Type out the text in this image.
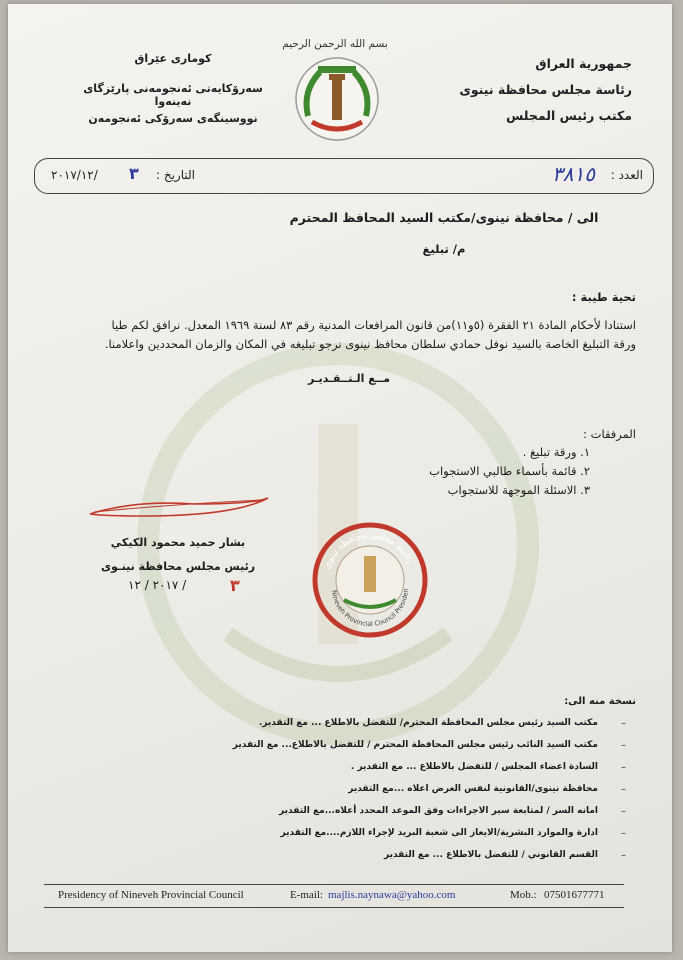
جمهورية العراق
رئاسة مجلس محافظة نينوى
مكتب رئيس المجلس
كوماری عێراق
سەرۆكایەتی ئەنجومەنی پارێزگای نەینەوا
نووسینگەی سەرۆكی ئەنجومەن
بسم الله الرحمن الرحيم
العدد :
٣٨١٥
التاريخ :
٣
٢٠١٧/١٢/
الى / محافظة نينوى/مكتب السيد المحافظ المحترم
م/ تبليغ
تحية طيبة :
استنادا لأحكام المادة ٢١ الفقرة (٥و١١)من قانون المرافعات المدنية رقم ٨٣ لسنة ١٩٦٩ المعدل. نرافق لكم طيا
ورقة التبليغ الخاصة بالسيد نوفل حمادي سلطان محافظ نينوى نرجو تبليغه في المكان والزمان المحددين واعلامنا.
مــع الـتــقـديـر
المرفقات :
١. ورقة تبليغ .
٢. قائمة بأسماء طالبي الاستجواب
٣. الاسئلة الموجهة للاستجواب
بشار حميد محمود الكيكي
رئيس مجلس محافظة نينـوى
٢٠١٧ / ١٢ /	٣
رئاسة مجلس محافظة نينوى
Nineveh Provincial Council Presiden
نسخة منه الى:
–
مكتب السيد رئيس مجلس المحافظة المحترم/ للتفضل بالاطلاع ... مع التقدير.
–
مكتب السيد النائب رئيس مجلس المحافظة المحترم / للتفضل بالاطلاع... مع التقدير
–
السادة اعضاء المجلس / للتفضل بالاطلاع ... مع التقدير .
–
محافظة نينوى/القانونية لنفس الغرض اعلاه ...مع التقدير
–
امانه السر / لمتابعة سير الاجراءات وفق الموعد المحدد أعلاه...مع التقدير
–
ادارة والموارد البشرية/الايعاز الى شعبة البريد لإجراء اللازم....مع التقدير
–
القسم القانوني / للتفضل بالاطلاع ... مع التقدير
Presidency of Nineveh Provincial Council	E-mail: majlis.naynawa@yahoo.com	Mob.: 07501677771
